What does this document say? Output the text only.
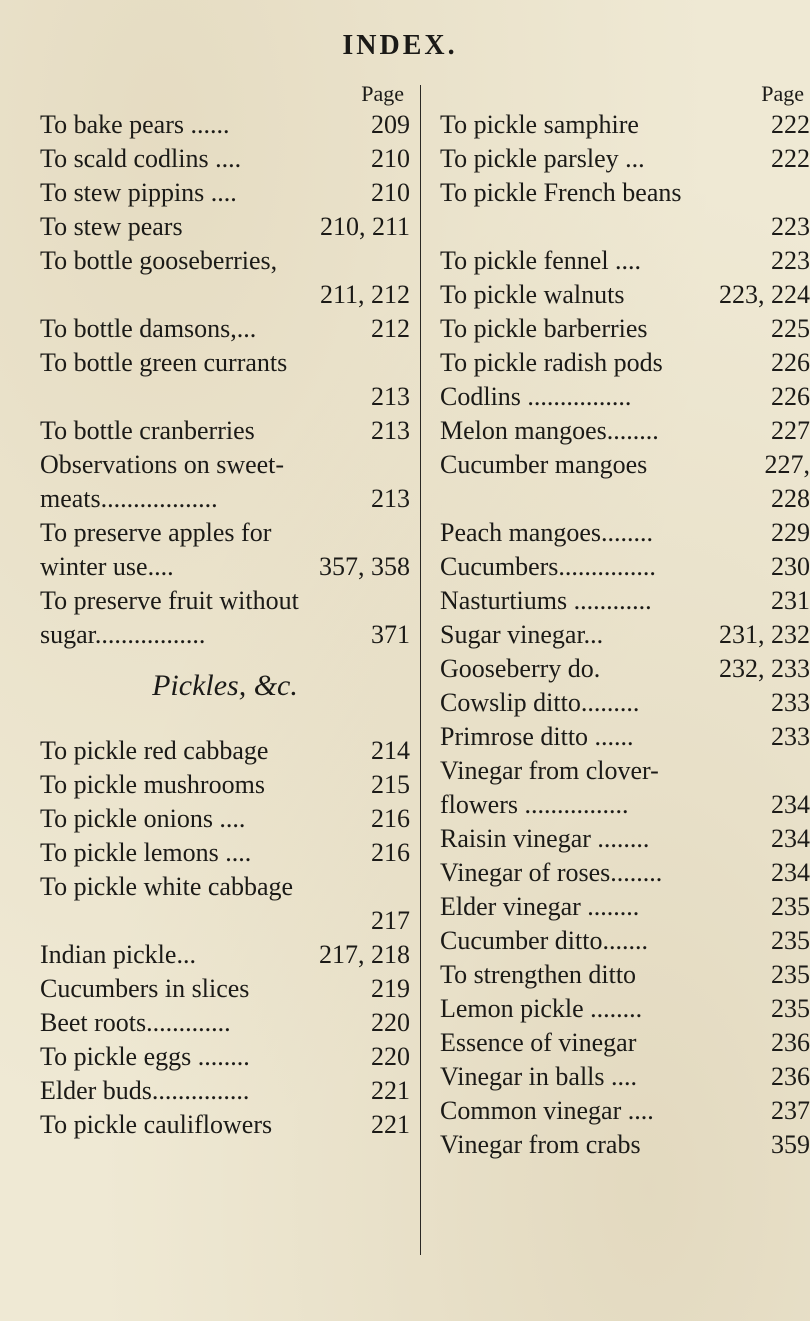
INDEX.
Page
To bake pears ......	209
To scald codlins ....	210
To stew pippins ....	210
To stew pears	210, 211
To bottle gooseberries,
211, 212
To bottle damsons,...	212
To bottle green currants
213
To bottle cranberries	213
Observations on sweet-
meats..................	213
To preserve apples for
winter use....	357, 358
To preserve fruit without
sugar.................	371
Pickles, &c.
To pickle red cabbage	214
To pickle mushrooms	215
To pickle onions ....	216
To pickle lemons ....	216
To pickle white cabbage
217
Indian pickle...	217, 218
Cucumbers in slices	219
Beet roots.............	220
To pickle eggs ........	220
Elder buds...............	221
To pickle cauliflowers	221
Page
To pickle samphire	222
To pickle parsley ...	222
To pickle French beans
223
To pickle fennel ....	223
To pickle walnuts	223, 224
To pickle barberries	225
To pickle radish pods	226
Codlins ................	226
Melon mangoes........	227
Cucumber mangoes	227,
228
Peach mangoes........	229
Cucumbers...............	230
Nasturtiums ............	231
Sugar vinegar...	231, 232
Gooseberry do.	232, 233
Cowslip ditto.........	233
Primrose ditto ......	233
Vinegar from clover-
flowers ................	234
Raisin vinegar ........	234
Vinegar of roses........	234
Elder vinegar ........	235
Cucumber ditto.......	235
To strengthen ditto	235
Lemon pickle ........	235
Essence of vinegar	236
Vinegar in balls ....	236
Common vinegar ....	237
Vinegar from crabs	359
